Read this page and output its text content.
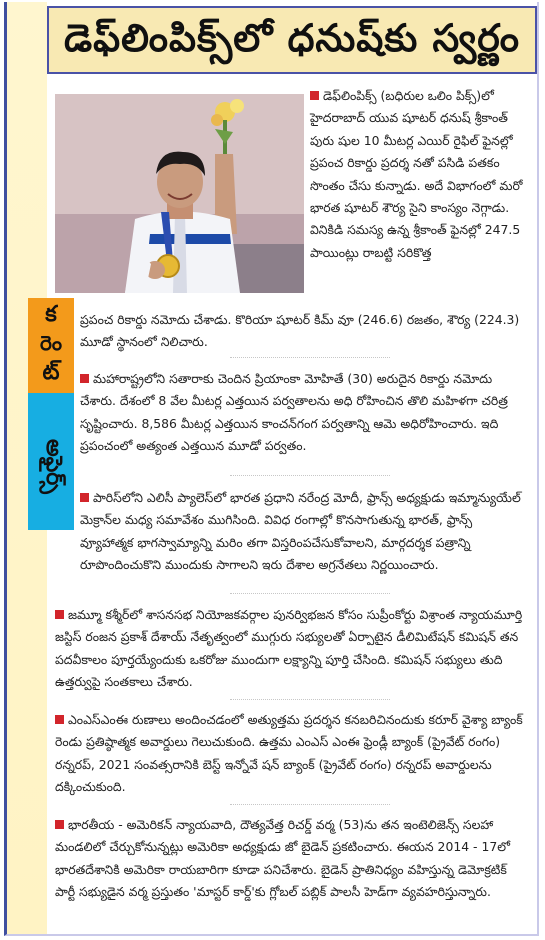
డెఫ్‌లింపిక్స్‌లో ధనుష్‌కు స్వర్ణం
డెఫ్‌లింపిక్స్ (బధిరుల ఒలిం పిక్స్)లో హైదరాబాద్ యువ షూటర్ ధనుష్ శ్రీకాంత్ పురు షుల 10 మీటర్ల ఎయిర్ రైఫిల్ ఫైనల్లో ప్రపంచ రికార్డు ప్రదర్శ నతో పసిడి పతకం సొంతం చేసు కున్నాడు. అదే విభాగంలో మరో భారత షూటర్ శౌర్య సైని కాంస్యం నెగ్గాడు. వినికిడి సమస్య ఉన్న శ్రీకాంత్ ఫైనల్లో 247.5 పాయింట్లు రాబట్టి సరికొత్త
క
రెం
ట్
అఫైర్స్
ప్రపంచ రికార్డు నమోదు చేశాడు. కొరియా షూటర్ కిమ్ వూ (246.6) రజతం, శౌర్య (224.3) మూడో స్థానంలో నిలిచారు.
మహారాష్ట్రలోని సతారాకు చెందిన ప్రియాంకా మోహితే (30) అరుదైన రికార్డు నమోదు చేశారు. దేశంలో 8 వేల మీటర్ల ఎత్తయిన పర్వతాలను అధి రోహించిన తొలి మహిళగా చరిత్ర సృష్టించారు. 8,586 మీటర్ల ఎత్తయిన కాంచన్‌గంగ పర్వతాన్ని ఆమె అధిరోహించారు. ఇది ప్రపంచంలో అత్యంత ఎత్తయిన మూడో పర్వతం.
పారిస్‌లోని ఎలిసీ ప్యాలెస్‌లో భారత ప్రధాని నరేంద్ర మోదీ, ఫ్రాన్స్ అధ్యక్షుడు ఇమ్మాన్యుయేల్ మెక్రాన్‌ల మధ్య సమావేశం ముగిసింది. వివిధ రంగాల్లో కొనసాగుతున్న భారత్, ఫ్రాన్స్ వ్యూహాత్మక భాగస్వామ్యాన్ని మరిం తగా విస్తరింపచేసుకోవాలని, మార్గదర్శక పత్రాన్ని రూపొందించుకొని ముందుకు సాగాలని ఇరు దేశాల అగ్రనేతలు నిర్ణయించారు.
జమ్మూ కశ్మీర్‌లో శాసనసభ నియోజకవర్గాల పునర్విభజన కోసం సుప్రీంకోర్టు విశ్రాంత న్యాయమూర్తి జస్టిస్ రంజన ప్రకాశ్ దేశాయ్ నేతృత్వంలో ముగ్గురు సభ్యులతో ఏర్పాటైన డీలిమిటేషన్ కమిషన్ తన పదవీకాలం పూర్తయ్యేందుకు ఒకరోజు ముందుగా లక్ష్యాన్ని పూర్తి చేసింది. కమిషన్ సభ్యులు తుది ఉత్తర్వుపై సంతకాలు చేశారు.
ఎంఎస్‌ఎంఈ రుణాలు అందించడంలో అత్యుత్తమ ప్రదర్శన కనబరిచినందుకు కరూర్ వైశ్యా బ్యాంక్ రెండు ప్రతిష్ఠాత్మక అవార్డులు గెలుచుకుంది. ఉత్తమ ఎంఎస్ ఎంఈ ఫ్రెండ్లీ బ్యాంక్ (ప్రైవేట్ రంగం) రన్నరప్, 2021 సంవత్సరానికి బెస్ట్ ఇన్నోవే షన్ బ్యాంక్ (ప్రైవేట్ రంగం) రన్నరప్ అవార్డులను దక్కించుకుంది.
భారతీయ - అమెరికన్ న్యాయవాది, దౌత్యవేత్త రిచర్డ్ వర్మ (53)ను తన ఇంటెలిజెన్స్ సలహా మండలిలో చేర్చుకోనున్నట్లు అమెరికా అధ్యక్షుడు జో బైడెన్ ప్రకటించారు. ఈయన 2014 - 17లో భారతదేశానికి అమెరికా రాయబారిగా కూడా పనిచేశారు. బైడెన్ ప్రాతినిధ్యం వహిస్తున్న డెమోక్రటిక్ పార్టీ సభ్యుడైన వర్మ ప్రస్తుతం 'మాస్టర్ కార్డ్'కు గ్లోబల్ పబ్లిక్ పాలసీ హెడ్‌గా వ్యవహరిస్తున్నారు.
